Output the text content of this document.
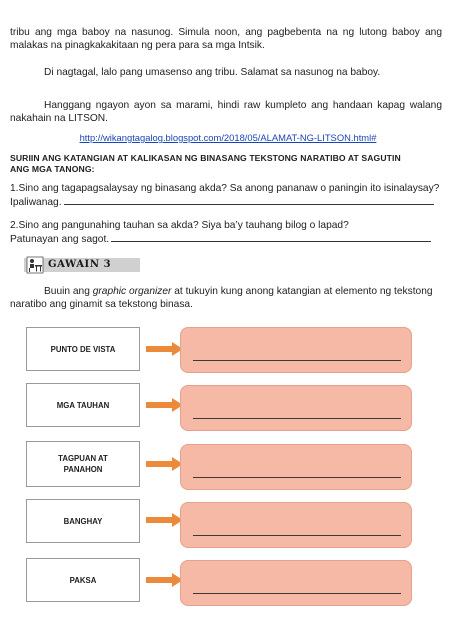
tribu ang mga baboy na nasunog. Simula noon, ang pagbebenta na ng lutong baboy ang malakas na pinagkakakitaan ng pera para sa mga Intsik.
Di nagtagal, lalo pang umasenso ang tribu. Salamat sa nasunog na baboy.
Hanggang ngayon ayon sa marami, hindi raw kumpleto ang handaan kapag walang nakahain na LITSON.
http://wikangtagalog.blogspot.com/2018/05/ALAMAT-NG-LITSON.html#
SURIIN ANG KATANGIAN AT KALIKASAN NG BINASANG TEKSTONG NARATIBO AT SAGUTIN
ANG MGA TANONG:
1.Sino ang tagapagsalaysay ng binasang akda? Sa anong pananaw o paningin ito isinalaysay?
Ipaliwanag.
2.Sino ang pangunahing tauhan sa akda? Siya ba’y tauhang bilog o lapad?
Patunayan ang sagot.
GAWAIN 3
Buuin ang graphic organizer at tukuyin kung anong katangian at elemento ng tekstong naratibo ang ginamit sa tekstong binasa.
PUNTO DE VISTA
MGA TAUHAN
TAGPUAN AT PANAHON
BANGHAY
PAKSA
